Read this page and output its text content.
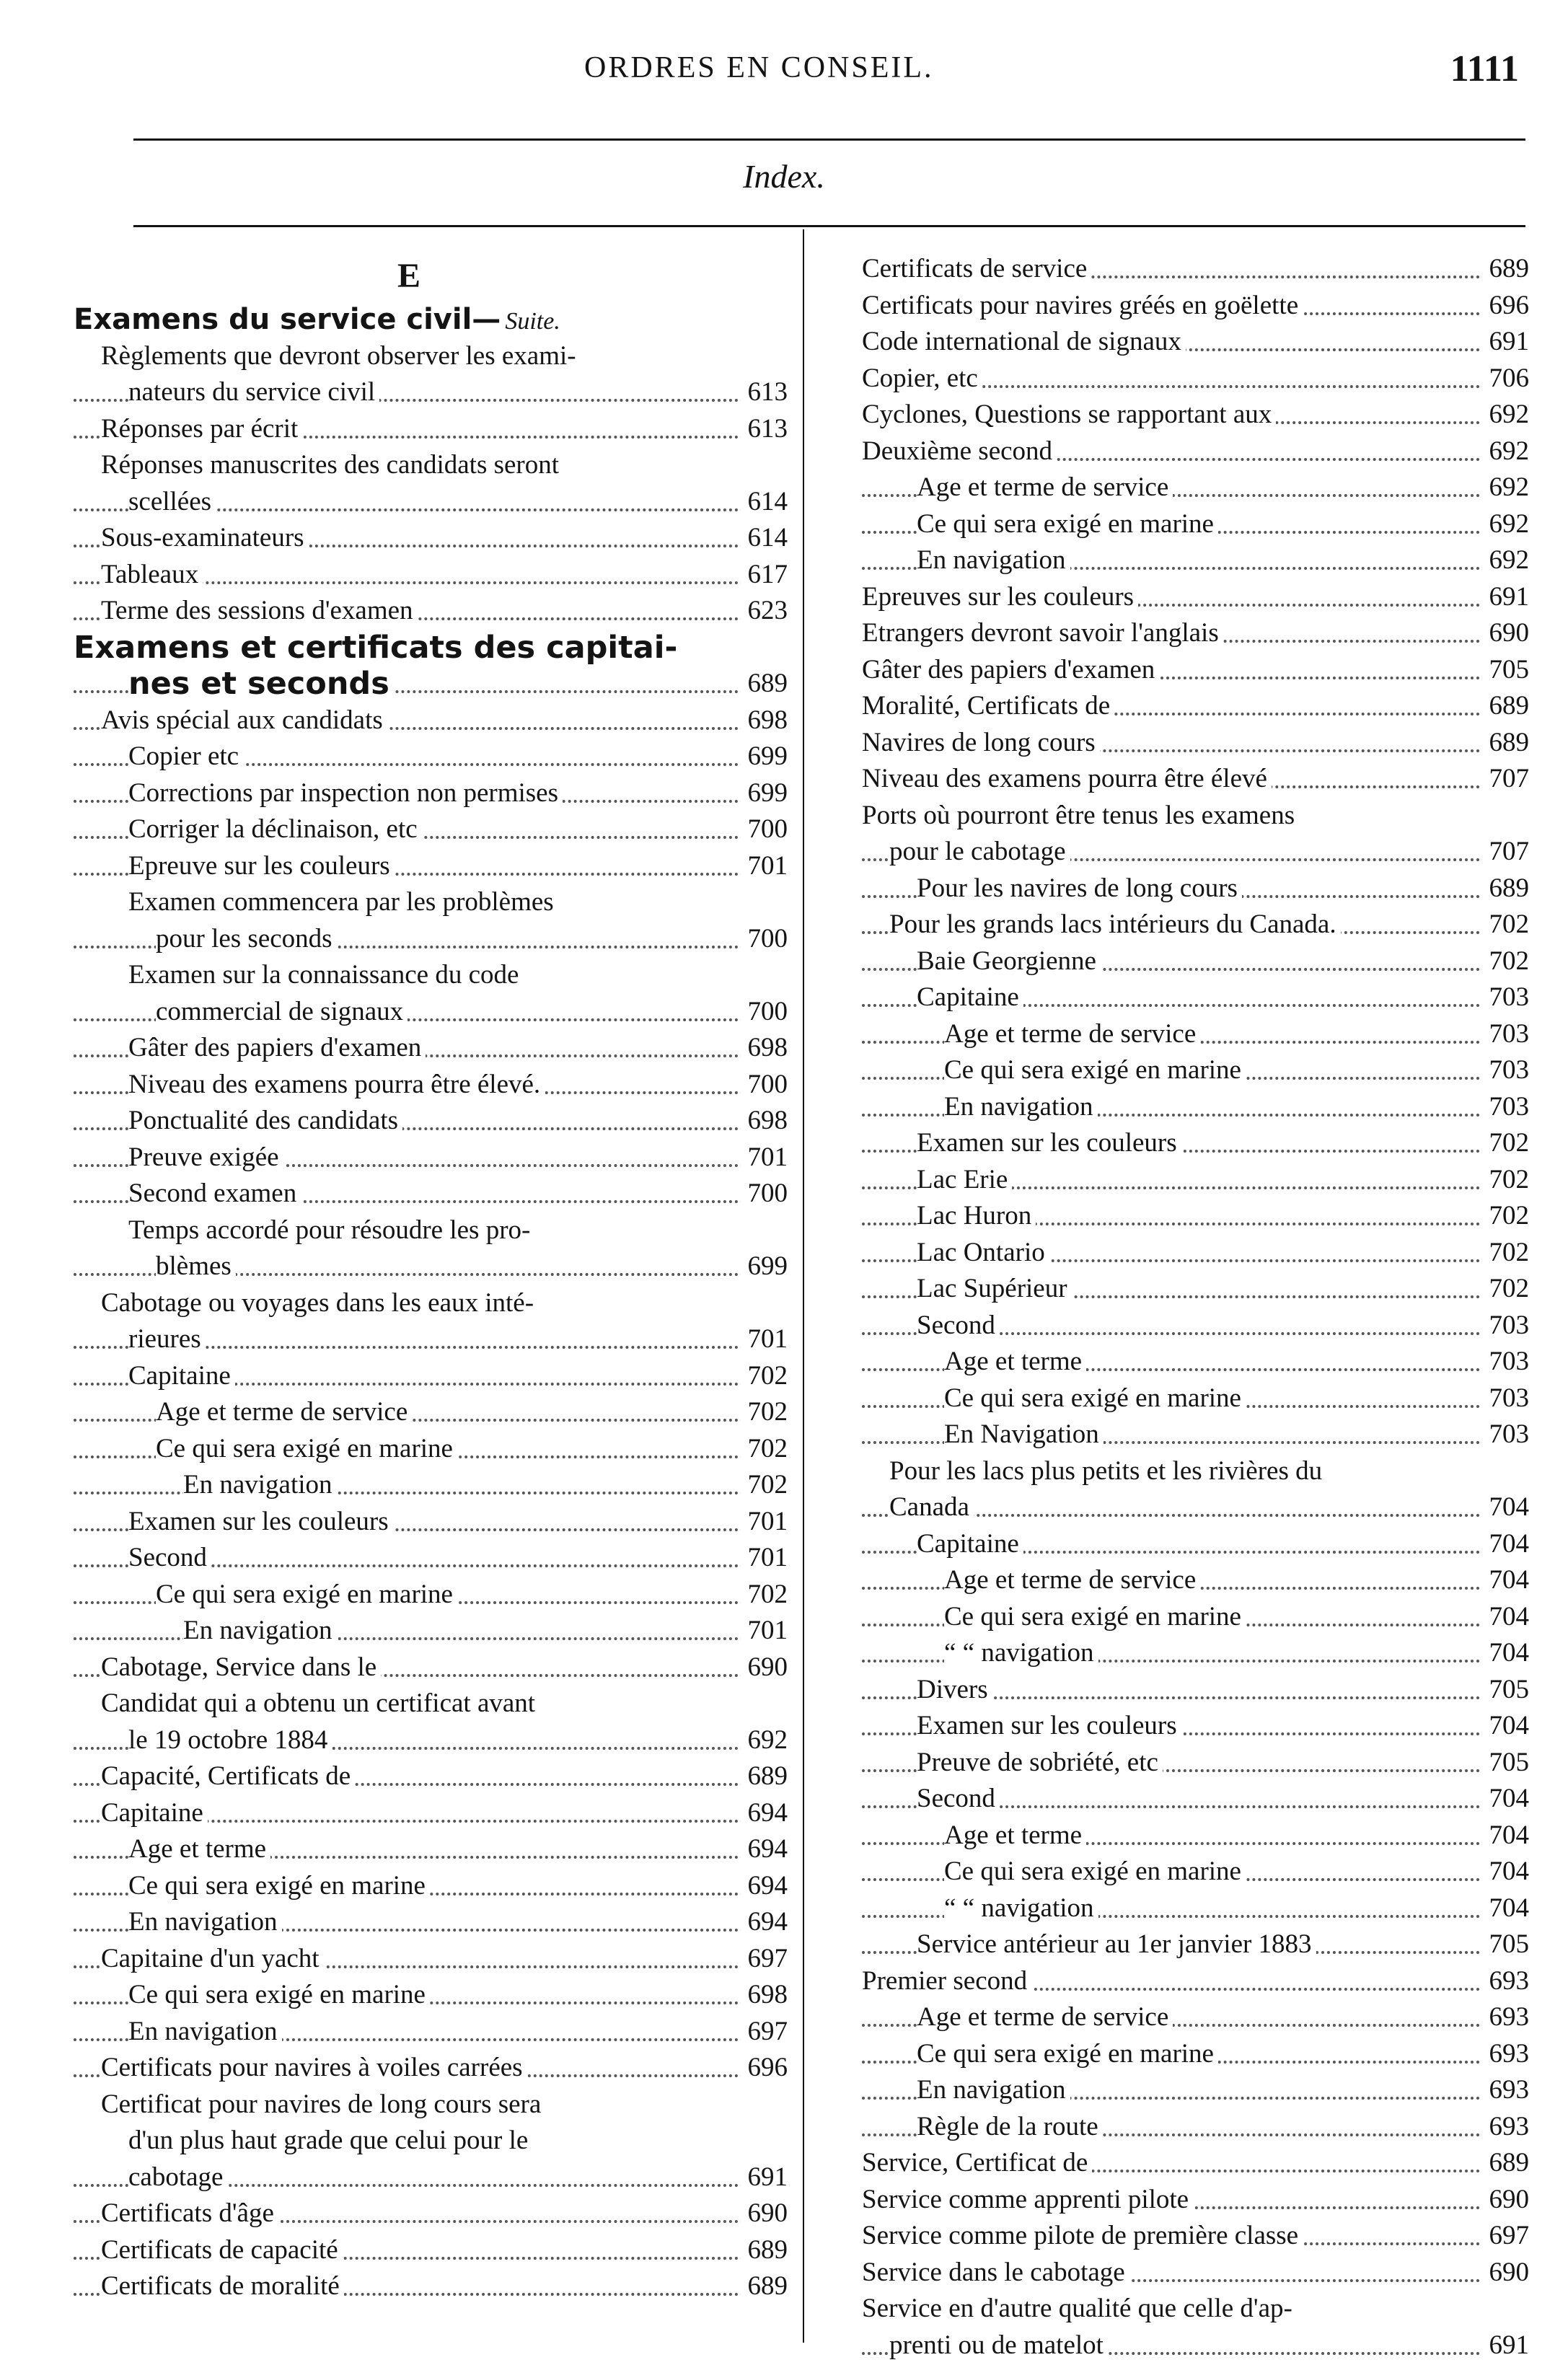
ORDRES EN CONSEIL.	1111
Index.
E
Examens du service civil— Suite.
Règlements que devront observer les exami-
nateurs du service civil	613
Réponses par écrit	613
Réponses manuscrites des candidats seront
scellées	614
Sous-examinateurs	614
Tableaux	617
Terme des sessions d'examen	623
Examens et certificats des capitai-
nes et seconds	689
Avis spécial aux candidats	698
Copier etc	699
Corrections par inspection non permises	699
Corriger la déclinaison, etc	700
Epreuve sur les couleurs	701
Examen commencera par les problèmes
pour les seconds	700
Examen sur la connaissance du code
commercial de signaux	700
Gâter des papiers d'examen	698
Niveau des examens pourra être élevé.	700
Ponctualité des candidats	698
Preuve exigée	701
Second examen	700
Temps accordé pour résoudre les pro-
blèmes	699
Cabotage ou voyages dans les eaux inté-
rieures	701
Capitaine	702
Age et terme de service	702
Ce qui sera exigé en marine	702
En navigation	702
Examen sur les couleurs	701
Second	701
Ce qui sera exigé en marine	702
En navigation	701
Cabotage, Service dans le	690
Candidat qui a obtenu un certificat avant
le 19 octobre 1884	692
Capacité, Certificats de	689
Capitaine	694
Age et terme	694
Ce qui sera exigé en marine	694
En navigation	694
Capitaine d'un yacht	697
Ce qui sera exigé en marine	698
En navigation	697
Certificats pour navires à voiles carrées	696
Certificat pour navires de long cours sera
d'un plus haut grade que celui pour le
cabotage	691
Certificats d'âge	690
Certificats de capacité	689
Certificats de moralité	689
Certificats de service	689
Certificats pour navires gréés en goëlette	696
Code international de signaux	691
Copier, etc	706
Cyclones, Questions se rapportant aux	692
Deuxième second	692
Age et terme de service	692
Ce qui sera exigé en marine	692
En navigation	692
Epreuves sur les couleurs	691
Etrangers devront savoir l'anglais	690
Gâter des papiers d'examen	705
Moralité, Certificats de	689
Navires de long cours	689
Niveau des examens pourra être élevé	707
Ports où pourront être tenus les examens
pour le cabotage	707
Pour les navires de long cours	689
Pour les grands lacs intérieurs du Canada.	702
Baie Georgienne	702
Capitaine	703
Age et terme de service	703
Ce qui sera exigé en marine	703
En navigation	703
Examen sur les couleurs	702
Lac Erie	702
Lac Huron	702
Lac Ontario	702
Lac Supérieur	702
Second	703
Age et terme	703
Ce qui sera exigé en marine	703
En Navigation	703
Pour les lacs plus petits et les rivières du
Canada	704
Capitaine	704
Age et terme de service	704
Ce qui sera exigé en marine	704
“ “ navigation	704
Divers	705
Examen sur les couleurs	704
Preuve de sobriété, etc	705
Second	704
Age et terme	704
Ce qui sera exigé en marine	704
“ “ navigation	704
Service antérieur au 1er janvier 1883	705
Premier second	693
Age et terme de service	693
Ce qui sera exigé en marine	693
En navigation	693
Règle de la route	693
Service, Certificat de	689
Service comme apprenti pilote	690
Service comme pilote de première classe	697
Service dans le cabotage	690
Service en d'autre qualité que celle d'ap-
prenti ou de matelot	691
